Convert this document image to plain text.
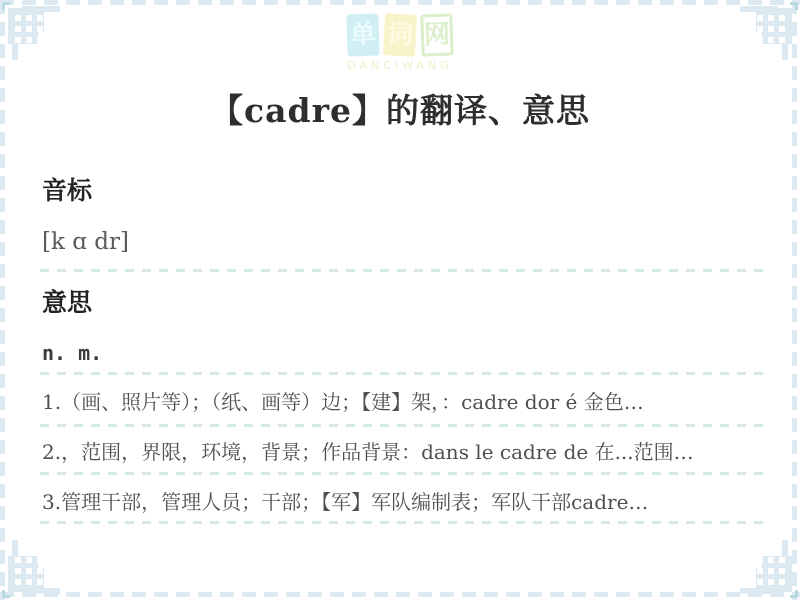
单 词 网
DANCIWANG
【cadre】的翻译、意思
音标
[k ɑ dr]
意思
n. m.
1.（画、照片等）；（纸、画等）边；【建】架，：cadre dor é 金色…
2.，范围，界限，环境，背景；作品背景：dans le cadre de 在...范围…
3.管理干部，管理人员；干部；【军】军队编制表；军队干部cadre…
